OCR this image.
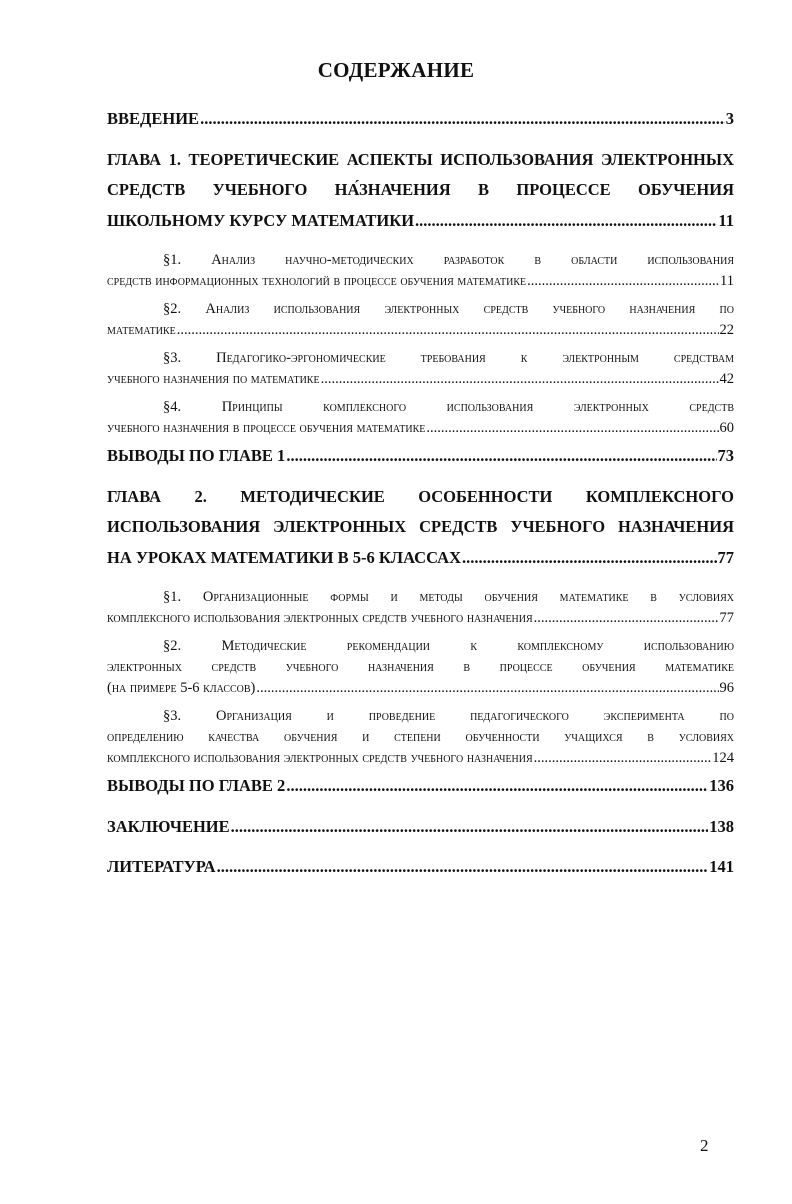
СОДЕРЖАНИЕ
ВВЕДЕНИЕ .....	3
ГЛАВА 1. ТЕОРЕТИЧЕСКИЕ АСПЕКТЫ ИСПОЛЬЗОВАНИЯ ЭЛЕКТРОННЫХ
СРЕДСТВ УЧЕБНОГО НА́ЗНАЧЕНИЯ В ПРОЦЕССЕ ОБУЧЕНИЯ
ШКОЛЬНОМУ КУРСУ МАТЕМАТИКИ .....	11
§1. Анализ научно-методических разработок в области использования
средств информационных технологий в процессе обучения математике .....	11
§2. Анализ использования электронных средств учебного назначения по
математике .....	22
§3. Педагогико-эргономические требования к электронным средствам
учебного назначения по математике .....	42
§4. Принципы комплексного использования электронных средств
учебного назначения в процессе обучения математике .....	60
ВЫВОДЫ ПО ГЛАВЕ 1 .....	73
ГЛАВА 2. МЕТОДИЧЕСКИЕ ОСОБЕННОСТИ КОМПЛЕКСНОГО
ИСПОЛЬЗОВАНИЯ ЭЛЕКТРОННЫХ СРЕДСТВ УЧЕБНОГО НАЗНАЧЕНИЯ
НА УРОКАХ МАТЕМАТИКИ В 5-6 КЛАССАХ .....	77
§1. Организационные формы и методы обучения математике в условиях
комплексного использования электронных средств учебного назначения .....	77
§2. Методические рекомендации к комплексному использованию
электронных средств учебного назначения в процессе обучения математике
(на примере 5-6 классов) .....	96
§3. Организация и проведение педагогического эксперимента по
определению качества обучения и степени обученности учащихся в условиях
комплексного использования электронных средств учебного назначения .....	124
ВЫВОДЫ ПО ГЛАВЕ 2 .....	136
ЗАКЛЮЧЕНИЕ .....	138
ЛИТЕРАТУРА .....	141
2
